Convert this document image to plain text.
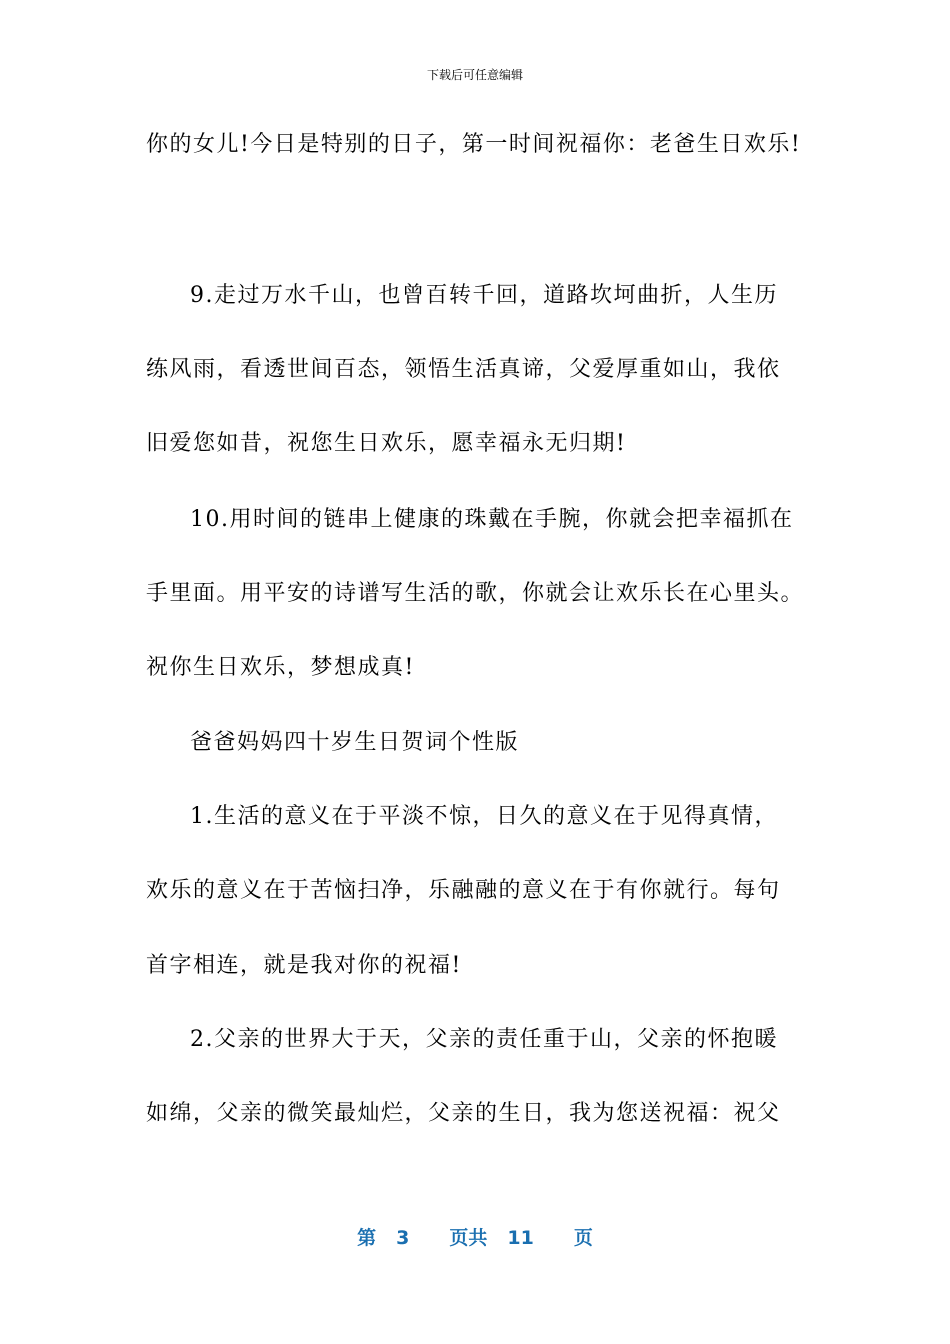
下载后可任意编辑
你的女儿!今日是特别的日子，第一时间祝福你：老爸生日欢乐!
9.走过万水千山，也曾百转千回，道路坎坷曲折，人生历
练风雨，看透世间百态，领悟生活真谛，父爱厚重如山，我依
旧爱您如昔，祝您生日欢乐，愿幸福永无归期!
10.用时间的链串上健康的珠戴在手腕，你就会把幸福抓在
手里面。用平安的诗谱写生活的歌，你就会让欢乐长在心里头。
祝你生日欢乐，梦想成真!
爸爸妈妈四十岁生日贺词个性版
1.生活的意义在于平淡不惊，日久的意义在于见得真情，
欢乐的意义在于苦恼扫净，乐融融的意义在于有你就行。每句
首字相连，就是我对你的祝福!
2.父亲的世界大于天，父亲的责任重于山，父亲的怀抱暖
如绵，父亲的微笑最灿烂，父亲的生日，我为您送祝福：祝父
第 3 页共 11 页
